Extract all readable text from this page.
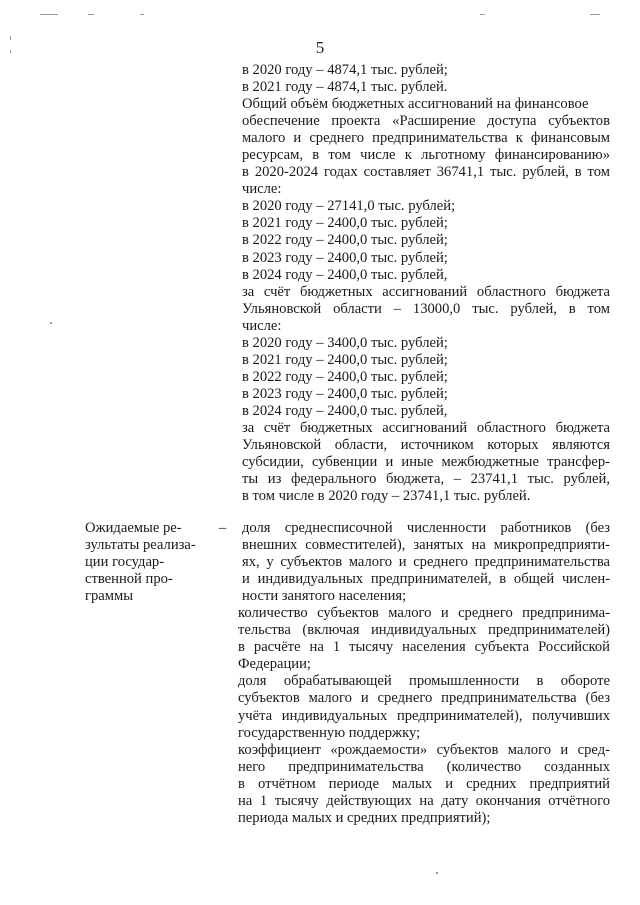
5
в 2020 году – 4874,1 тыс. рублей;
в 2021 году – 4874,1 тыс. рублей.
Общий объём бюджетных ассигнований на финансовое
обеспечение проекта «Расширение доступа субъектов
малого и среднего предпринимательства к финансовым
ресурсам, в том числе к льготному финансированию»
в 2020-2024 годах составляет 36741,1 тыс. рублей, в том
числе:
в 2020 году – 27141,0 тыс. рублей;
в 2021 году – 2400,0 тыс. рублей;
в 2022 году – 2400,0 тыс. рублей;
в 2023 году – 2400,0 тыс. рублей;
в 2024 году – 2400,0 тыс. рублей,
за счёт бюджетных ассигнований областного бюджета
Ульяновской области – 13000,0 тыс. рублей, в том
числе:
в 2020 году – 3400,0 тыс. рублей;
в 2021 году – 2400,0 тыс. рублей;
в 2022 году – 2400,0 тыс. рублей;
в 2023 году – 2400,0 тыс. рублей;
в 2024 году – 2400,0 тыс. рублей,
за счёт бюджетных ассигнований областного бюджета
Ульяновской области, источником которых являются
субсидии, субвенции и иные межбюджетные трансфер-
ты из федерального бюджета, – 23741,1 тыс. рублей,
в том числе в 2020 году – 23741,1 тыс. рублей.
Ожидаемые ре-
зультаты реализа-
ции государ-
ственной про-
граммы
– доля среднесписочной численности работников (без
внешних совместителей), занятых на микропредприяти-
ях, у субъектов малого и среднего предпринимательства
и индивидуальных предпринимателей, в общей числен-
ности занятого населения;
количество субъектов малого и среднего предпринима-
тельства (включая индивидуальных предпринимателей)
в расчёте на 1 тысячу населения субъекта Российской
Федерации;
доля обрабатывающей промышленности в обороте
субъектов малого и среднего предпринимательства (без
учёта индивидуальных предпринимателей), получивших
государственную поддержку;
коэффициент «рождаемости» субъектов малого и сред-
него предпринимательства (количество созданных
в отчётном периоде малых и средних предприятий
на 1 тысячу действующих на дату окончания отчётного
периода малых и средних предприятий);
